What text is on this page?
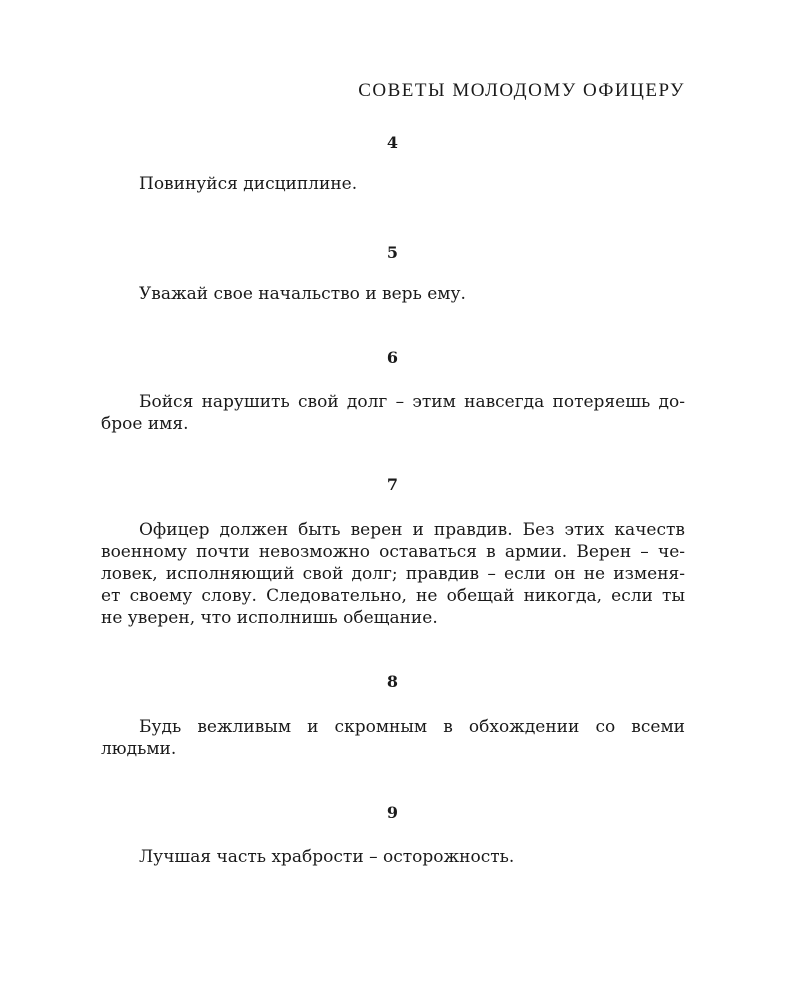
СОВЕТЫ МОЛОДОМУ ОФИЦЕРУ
4

Повинуйся дисциплине.

5

Уважай свое начальство и верь ему.

6

Бойся нарушить свой долг – этим навсегда потеряешь до-
брое имя.

7

Офицер должен быть верен и правдив. Без этих качеств
военному почти невозможно оставаться в армии. Верен – че-
ловек, исполняющий свой долг; правдив – если он не изменя-
ет своему слову. Следовательно, не обещай никогда, если ты
не уверен, что исполнишь обещание.

8

Будь вежливым и скромным в обхождении со всеми
людьми.

9

Лучшая часть храбрости – осторожность.
